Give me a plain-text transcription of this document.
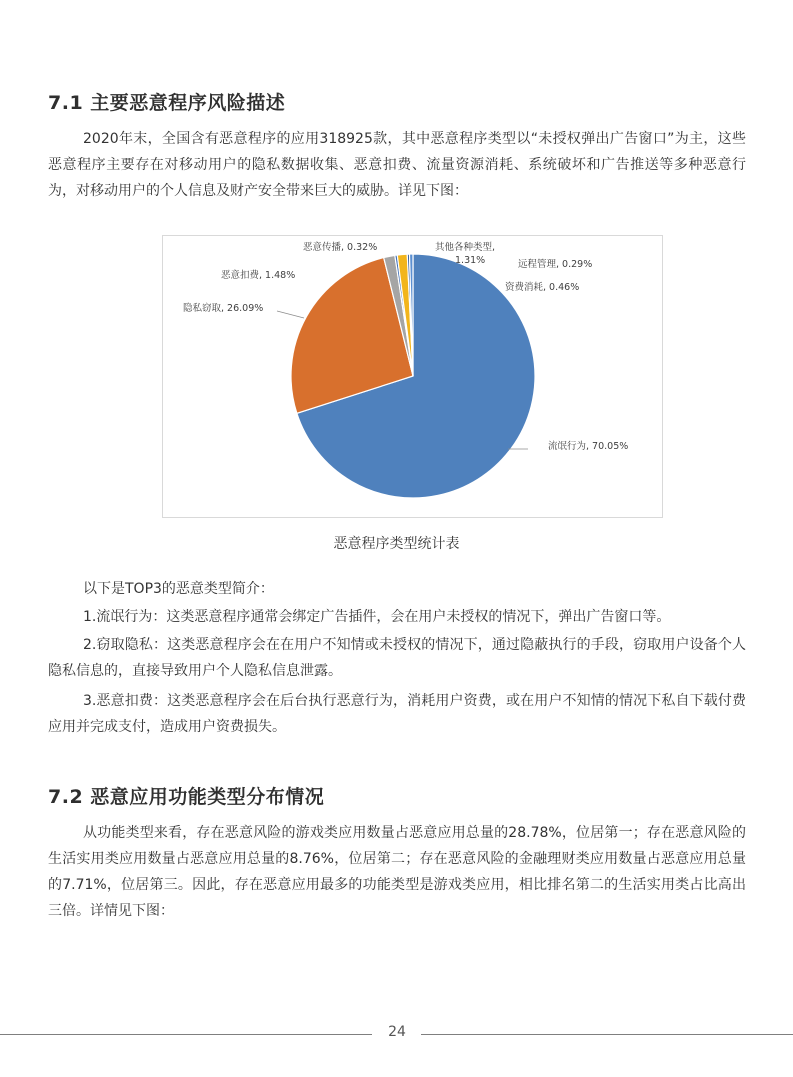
7.1 主要恶意程序风险描述

2020年末，全国含有恶意程序的应用318925款，其中恶意程序类型以“未授权弹出广告窗口”为主，这些恶意程序主要存在对移动用户的隐私数据收集、恶意扣费、流量资源消耗、系统破坏和广告推送等多种恶意行为，对移动用户的个人信息及财产安全带来巨大的威胁。详见下图：

流氓行为, 70.05%
隐私窃取, 26.09%
恶意扣费, 1.48%
恶意传播, 0.32%	其他各种类型,
1.31%	远程管理, 0.29%
资费消耗, 0.46%

恶意程序类型统计表

以下是TOP3的恶意类型简介：

1.流氓行为：这类恶意程序通常会绑定广告插件，会在用户未授权的情况下，弹出广告窗口等。

2.窃取隐私：这类恶意程序会在在用户不知情或未授权的情况下，通过隐蔽执行的手段，窃取用户设备个人隐私信息的，直接导致用户个人隐私信息泄露。

3.恶意扣费：这类恶意程序会在后台执行恶意行为，消耗用户资费，或在用户不知情的情况下私自下载付费应用并完成支付，造成用户资费损失。

7.2 恶意应用功能类型分布情况

从功能类型来看，存在恶意风险的游戏类应用数量占恶意应用总量的28.78%，位居第一；存在恶意风险的生活实用类应用数量占恶意应用总量的8.76%，位居第二；存在恶意风险的金融理财类应用数量占恶意应用总量的7.71%，位居第三。因此，存在恶意应用最多的功能类型是游戏类应用，相比排名第二的生活实用类占比高出三倍。详情见下图：

24
